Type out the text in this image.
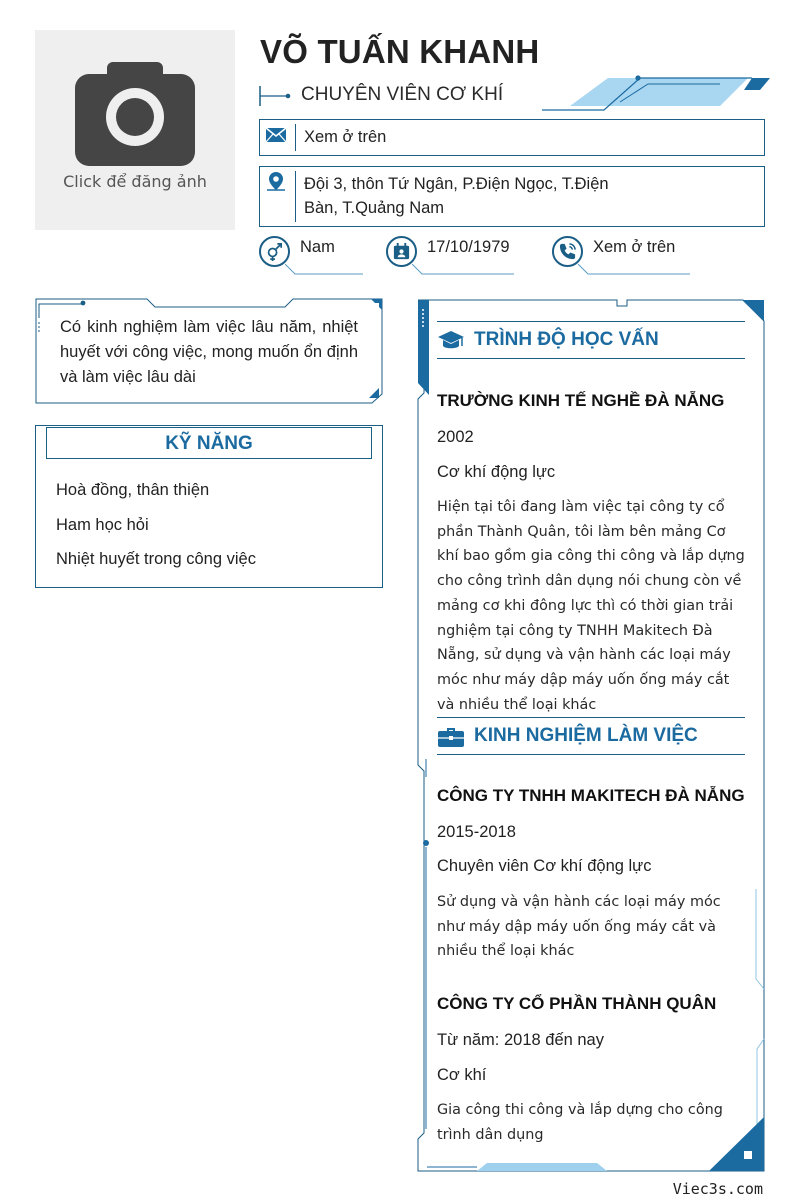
Click để đăng ảnh
VÕ TUẤN KHANH
CHUYÊN VIÊN CƠ KHÍ
Xem ở trên
Đội 3, thôn Tứ Ngân, P.Điện Ngọc, T.Điện Bàn, T.Quảng Nam
Nam	17/10/1979	Xem ở trên
Có kinh nghiệm làm việc lâu năm, nhiệt huyết với công việc, mong muốn ổn định và làm việc lâu dài
KỸ NĂNG
Hoà đồng, thân thiện
Ham học hỏi
Nhiệt huyết trong công việc
TRÌNH ĐỘ HỌC VẤN
TRƯỜNG KINH TẾ NGHỀ ĐÀ NẴNG
2002
Cơ khí động lực
Hiện tại tôi đang làm việc tại công ty cổ phần Thành Quân, tôi làm bên mảng Cơ khí bao gồm gia công thi công và lắp dựng cho công trình dân dụng nói chung còn về mảng cơ khi đông lực thì có thời gian trải nghiệm tại công ty TNHH Makitech Đà Nẵng, sử dụng và vận hành các loại máy móc như máy dập máy uốn ống máy cắt và nhiều thể loại khác
KINH NGHIỆM LÀM VIỆC
CÔNG TY TNHH MAKITECH ĐÀ NẴNG
2015-2018
Chuyên viên Cơ khí động lực
Sử dụng và vận hành các loại máy móc như máy dập máy uốn ống máy cắt và nhiều thể loại khác
CÔNG TY CỔ PHẦN THÀNH QUÂN
Từ năm: 2018 đến nay
Cơ khí
Gia công thi công và lắp dựng cho công trình dân dụng
Viec3s.com
